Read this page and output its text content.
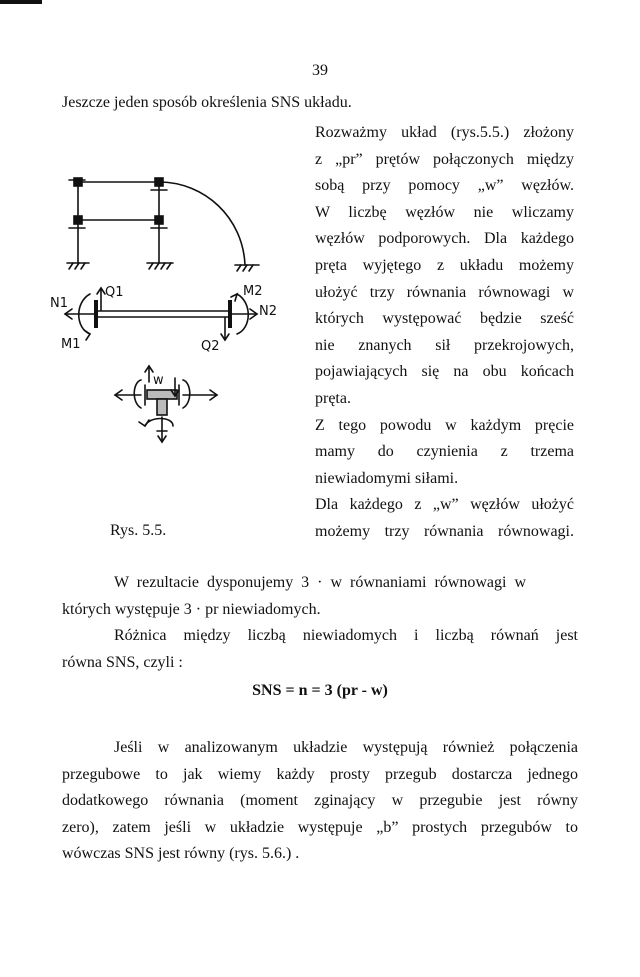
39
Jeszcze jeden sposób określenia SNS układu.
Rozważmy układ (rys.5.5.) złożony
z „pr” prętów połączonych między
sobą przy pomocy „w” węzłów.
W liczbę węzłów nie wliczamy
węzłów podporowych. Dla każdego
pręta wyjętego z układu możemy
ułożyć trzy równania równowagi w
których występować będzie sześć
nie znanych sił przekrojowych,
pojawiających się na obu końcach
pręta.
Z tego powodu w każdym pręcie
mamy do czynienia z trzema
niewiadomymi siłami.
Dla każdego z „w” węzłów ułożyć
możemy trzy równania równowagi.
N1
Q1
M1
M2
N2
Q2
w
Rys. 5.5.
W rezultacie dysponujemy 3 · w równaniami równowagi w
których występuje 3 · pr niewiadomych.
Różnica między liczbą niewiadomych i liczbą równań jest
równa SNS, czyli :
SNS = n = 3 (pr - w)
Jeśli w analizowanym układzie występują również połączenia
przegubowe to jak wiemy każdy prosty przegub dostarcza jednego
dodatkowego równania (moment zginający w przegubie jest równy
zero), zatem jeśli w układzie występuje „b” prostych przegubów to
wówczas SNS jest równy (rys. 5.6.) .
